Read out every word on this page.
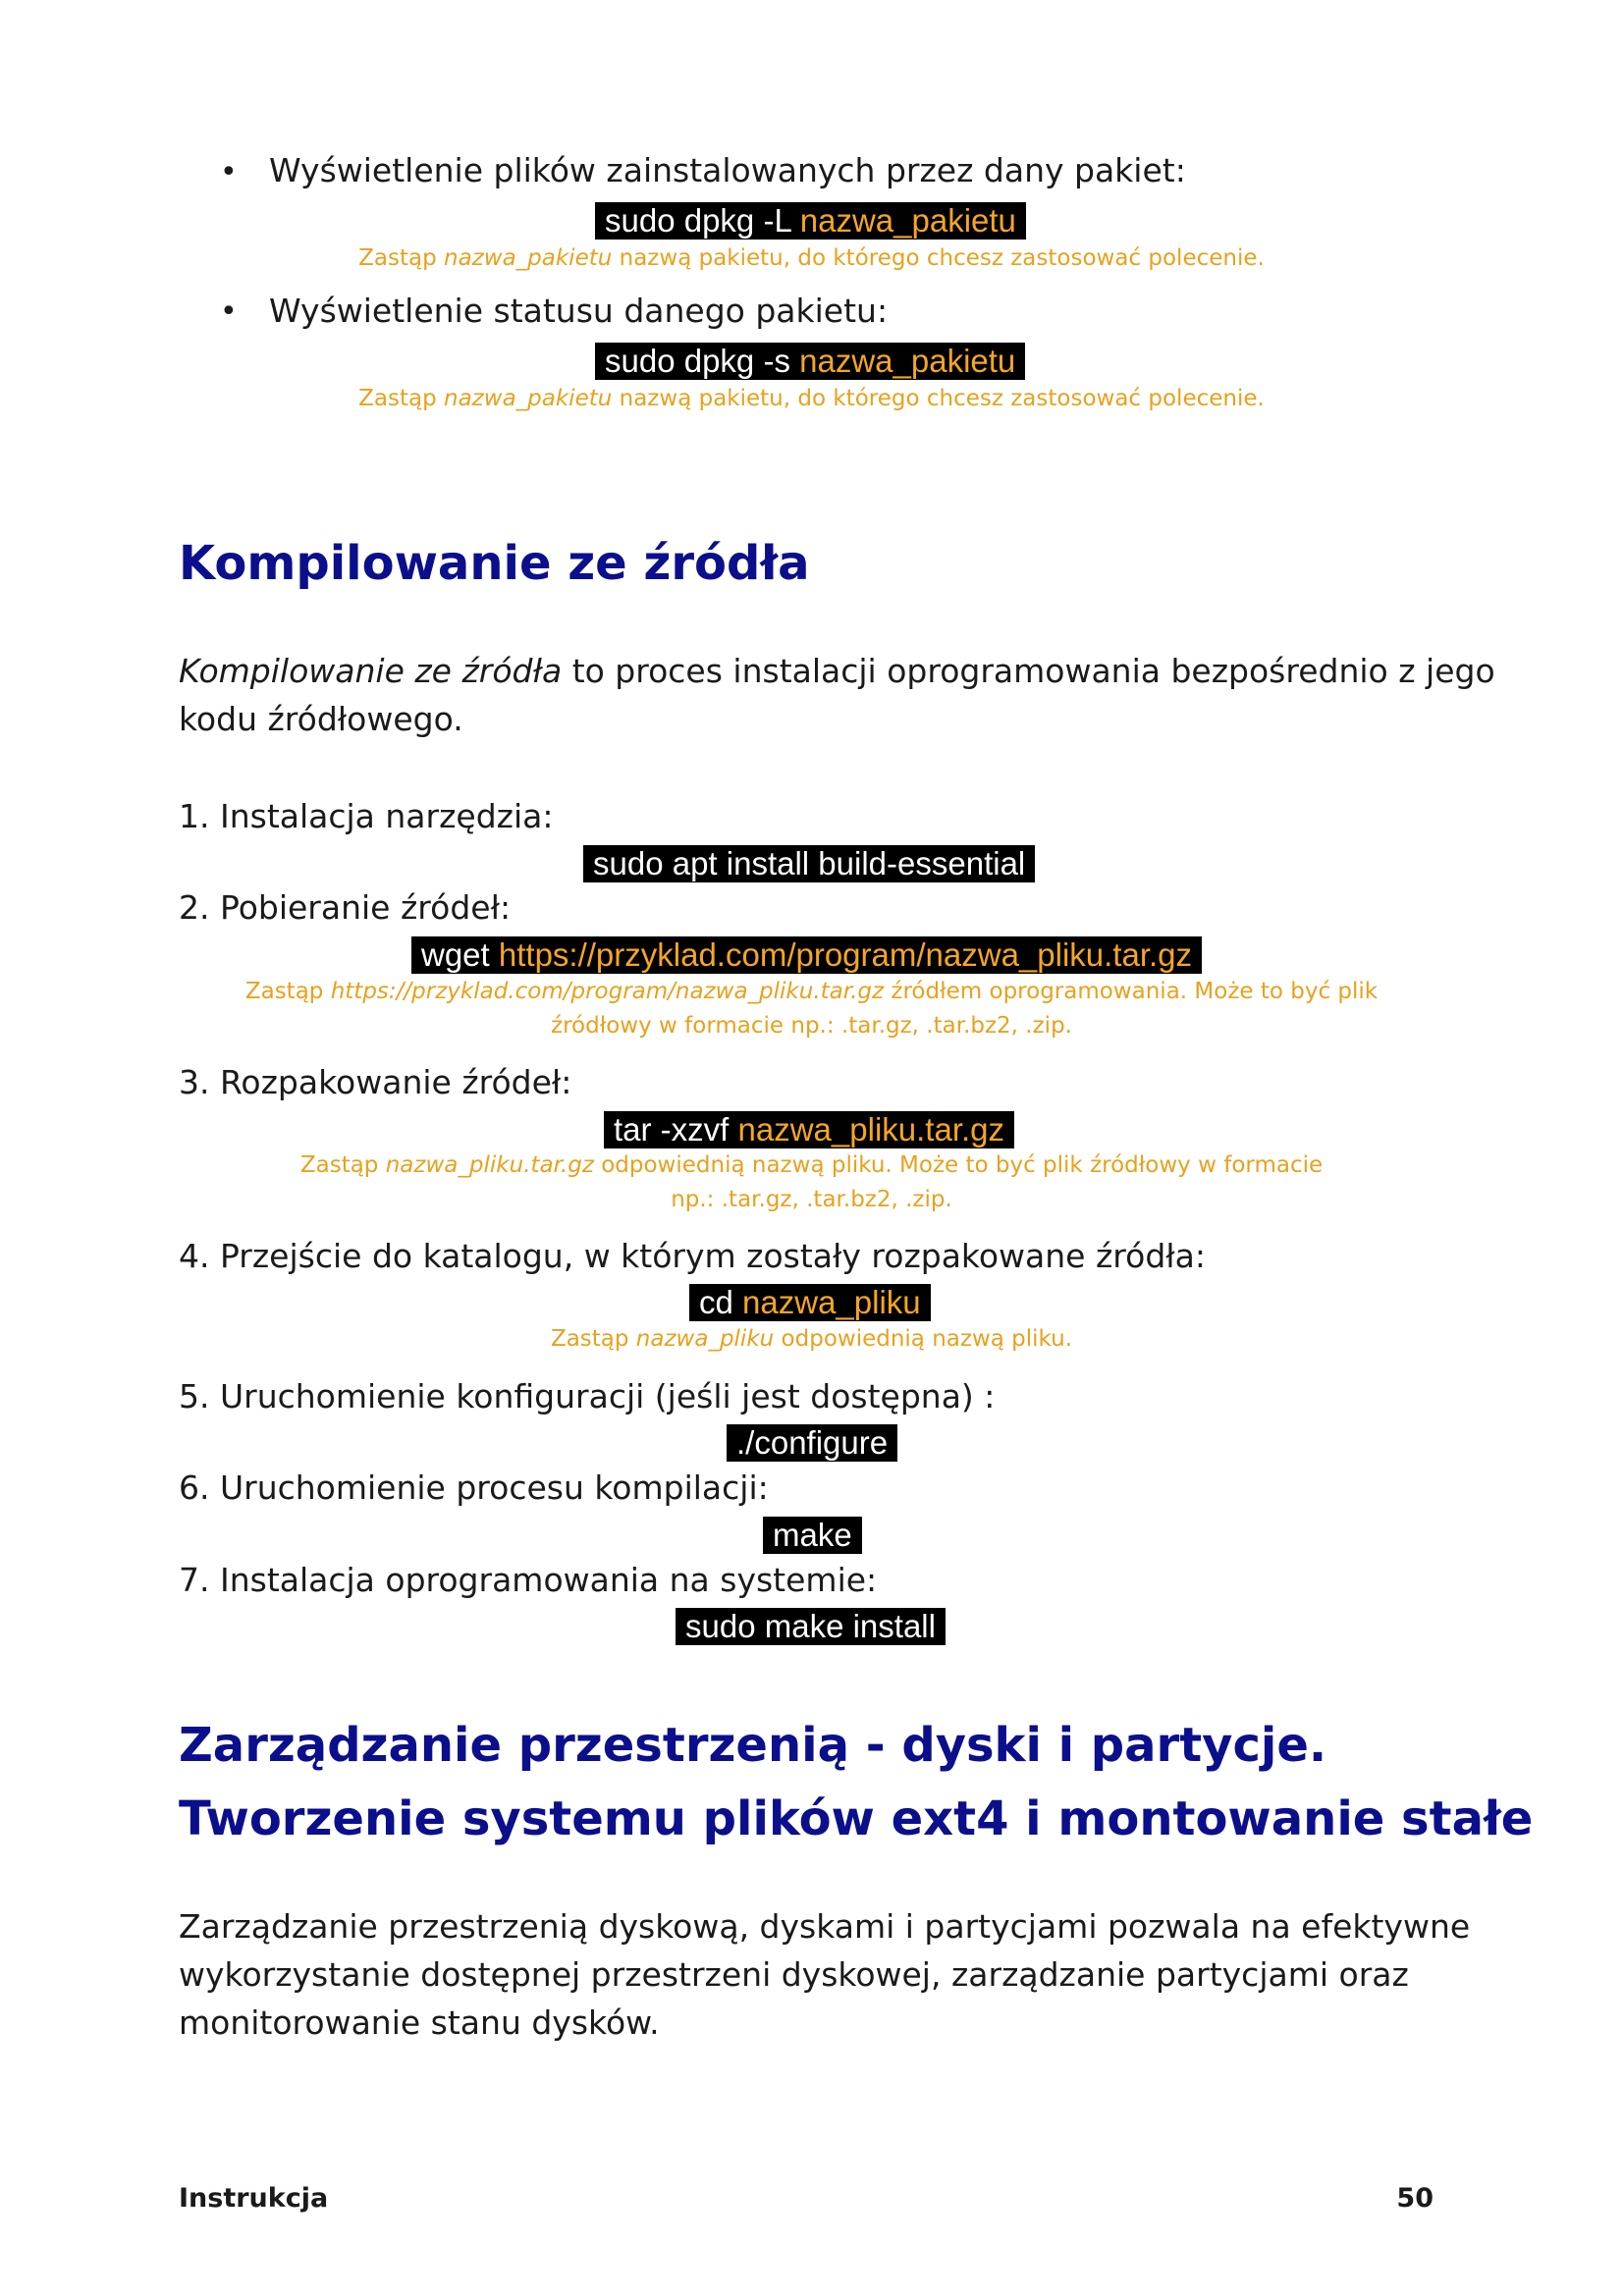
• Wyświetlenie plików zainstalowanych przez dany pakiet:
sudo dpkg -L nazwa_pakietu
Zastąp nazwa_pakietu nazwą pakietu, do którego chcesz zastosować polecenie.
• Wyświetlenie statusu danego pakietu:
sudo dpkg -s nazwa_pakietu
Zastąp nazwa_pakietu nazwą pakietu, do którego chcesz zastosować polecenie.
Kompilowanie ze źródła
Kompilowanie ze źródła to proces instalacji oprogramowania bezpośrednio z jego
kodu źródłowego.
1. Instalacja narzędzia:
sudo apt install build-essential
2. Pobieranie źródeł:
wget https://przyklad.com/program/nazwa_pliku.tar.gz
Zastąp https://przyklad.com/program/nazwa_pliku.tar.gz źródłem oprogramowania. Może to być plik
źródłowy w formacie np.: .tar.gz, .tar.bz2, .zip.
3. Rozpakowanie źródeł:
tar -xzvf nazwa_pliku.tar.gz
Zastąp nazwa_pliku.tar.gz odpowiednią nazwą pliku. Może to być plik źródłowy w formacie
np.: .tar.gz, .tar.bz2, .zip.
4. Przejście do katalogu, w którym zostały rozpakowane źródła:
cd nazwa_pliku
Zastąp nazwa_pliku odpowiednią nazwą pliku.
5. Uruchomienie konfiguracji (jeśli jest dostępna) :
./configure
6. Uruchomienie procesu kompilacji:
make
7. Instalacja oprogramowania na systemie:
sudo make install
Zarządzanie przestrzenią - dyski i partycje.
Tworzenie systemu plików ext4 i montowanie stałe
Zarządzanie przestrzenią dyskową, dyskami i partycjami pozwala na efektywne
wykorzystanie dostępnej przestrzeni dyskowej, zarządzanie partycjami oraz
monitorowanie stanu dysków.
Instrukcja	50
